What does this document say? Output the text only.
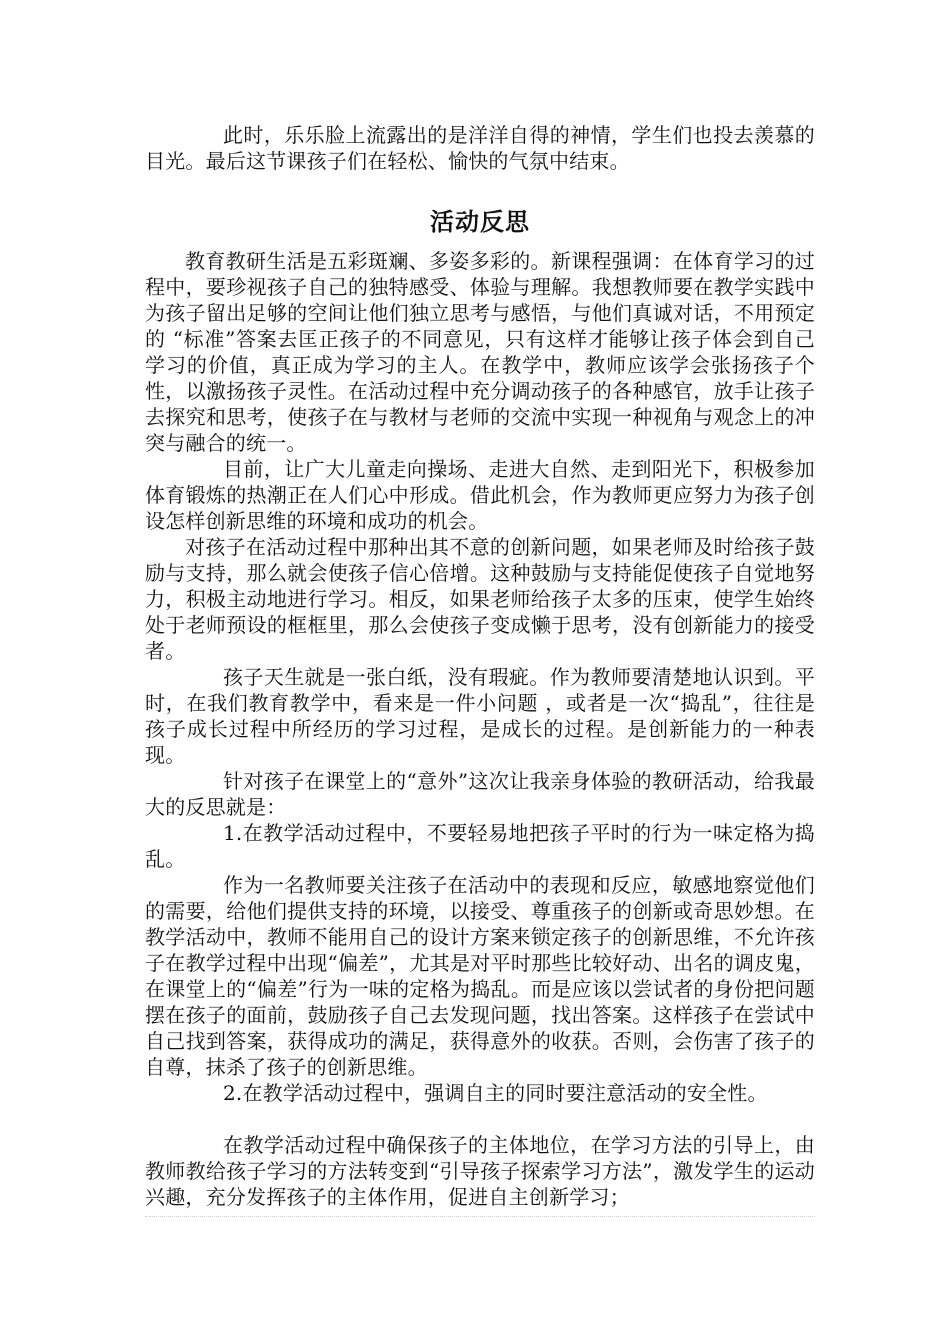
此时，乐乐脸上流露出的是洋洋自得的神情，学生们也投去羡慕的目光。最后这节课孩子们在轻松、愉快的气氛中结束。

活动反思

教育教研生活是五彩斑斓、多姿多彩的。新课程强调：在体育学习的过程中，要珍视孩子自己的独特感受、体验与理解。我想教师要在教学实践中为孩子留出足够的空间让他们独立思考与感悟，与他们真诚对话，不用预定的 “标准”答案去匡正孩子的不同意见，只有这样才能够让孩子体会到自己学习的价值，真正成为学习的主人。在教学中，教师应该学会张扬孩子个性，以激扬孩子灵性。在活动过程中充分调动孩子的各种感官，放手让孩子去探究和思考，使孩子在与教材与老师的交流中实现一种视角与观念上的冲突与融合的统一。

目前，让广大儿童走向操场、走进大自然、走到阳光下，积极参加体育锻炼的热潮正在人们心中形成。借此机会，作为教师更应努力为孩子创设怎样创新思维的环境和成功的机会。

对孩子在活动过程中那种出其不意的创新问题，如果老师及时给孩子鼓励与支持，那么就会使孩子信心倍增。这种鼓励与支持能促使孩子自觉地努力，积极主动地进行学习。相反，如果老师给孩子太多的压束，使学生始终处于老师预设的框框里，那么会使孩子变成懒于思考，没有创新能力的接受者。

孩子天生就是一张白纸，没有瑕疵。作为教师要清楚地认识到。平时，在我们教育教学中，看来是一件小问题 ，或者是一次“捣乱”，往往是孩子成长过程中所经历的学习过程，是成长的过程。是创新能力的一种表现。

针对孩子在课堂上的“意外”这次让我亲身体验的教研活动，给我最大的反思就是：

1.在教学活动过程中，不要轻易地把孩子平时的行为一味定格为捣乱。

作为一名教师要关注孩子在活动中的表现和反应，敏感地察觉他们的需要，给他们提供支持的环境，以接受、尊重孩子的创新或奇思妙想。在教学活动中，教师不能用自己的设计方案来锁定孩子的创新思维，不允许孩子在教学过程中出现“偏差”，尤其是对平时那些比较好动、出名的调皮鬼，在课堂上的“偏差”行为一味的定格为捣乱。而是应该以尝试者的身份把问题摆在孩子的面前，鼓励孩子自己去发现问题，找出答案。这样孩子在尝试中自己找到答案，获得成功的满足，获得意外的收获。否则，会伤害了孩子的自尊，抹杀了孩子的创新思维。

2.在教学活动过程中，强调自主的同时要注意活动的安全性。

在教学活动过程中确保孩子的主体地位，在学习方法的引导上，由教师教给孩子学习的方法转变到“引导孩子探索学习方法”，激发学生的运动兴趣，充分发挥孩子的主体作用，促进自主创新学习；
